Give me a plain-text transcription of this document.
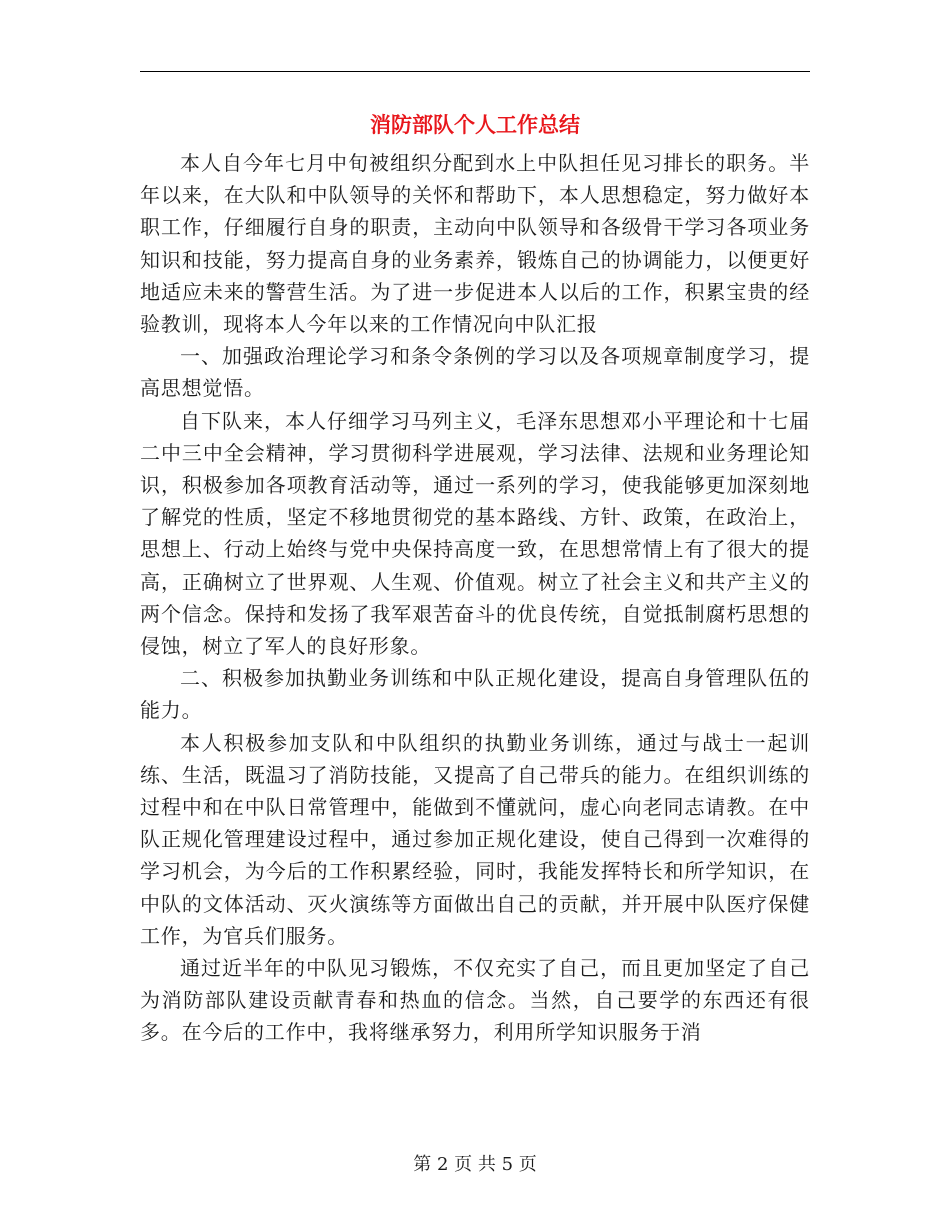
消防部队个人工作总结

本人自今年七月中旬被组织分配到水上中队担任见习排长的职务。半年以来，在大队和中队领导的关怀和帮助下，本人思想稳定，努力做好本职工作，仔细履行自身的职责，主动向中队领导和各级骨干学习各项业务知识和技能，努力提高自身的业务素养，锻炼自己的协调能力，以便更好地适应未来的警营生活。为了进一步促进本人以后的工作，积累宝贵的经验教训，现将本人今年以来的工作情况向中队汇报

一、加强政治理论学习和条令条例的学习以及各项规章制度学习，提高思想觉悟。

自下队来，本人仔细学习马列主义，毛泽东思想邓小平理论和十七届二中三中全会精神，学习贯彻科学进展观，学习法律、法规和业务理论知识，积极参加各项教育活动等，通过一系列的学习，使我能够更加深刻地了解党的性质，坚定不移地贯彻党的基本路线、方针、政策，在政治上，思想上、行动上始终与党中央保持高度一致，在思想常情上有了很大的提高，正确树立了世界观、人生观、价值观。树立了社会主义和共产主义的两个信念。保持和发扬了我军艰苦奋斗的优良传统，自觉抵制腐朽思想的侵蚀，树立了军人的良好形象。

二、积极参加执勤业务训练和中队正规化建设，提高自身管理队伍的能力。

本人积极参加支队和中队组织的执勤业务训练，通过与战士一起训练、生活，既温习了消防技能，又提高了自己带兵的能力。在组织训练的过程中和在中队日常管理中，能做到不懂就问，虚心向老同志请教。在中队正规化管理建设过程中，通过参加正规化建设，使自己得到一次难得的学习机会，为今后的工作积累经验，同时，我能发挥特长和所学知识，在中队的文体活动、灭火演练等方面做出自己的贡献，并开展中队医疗保健工作，为官兵们服务。

通过近半年的中队见习锻炼，不仅充实了自己，而且更加坚定了自己为消防部队建设贡献青春和热血的信念。当然，自己要学的东西还有很多。在今后的工作中，我将继承努力，利用所学知识服务于消

第 2 页 共 5 页
